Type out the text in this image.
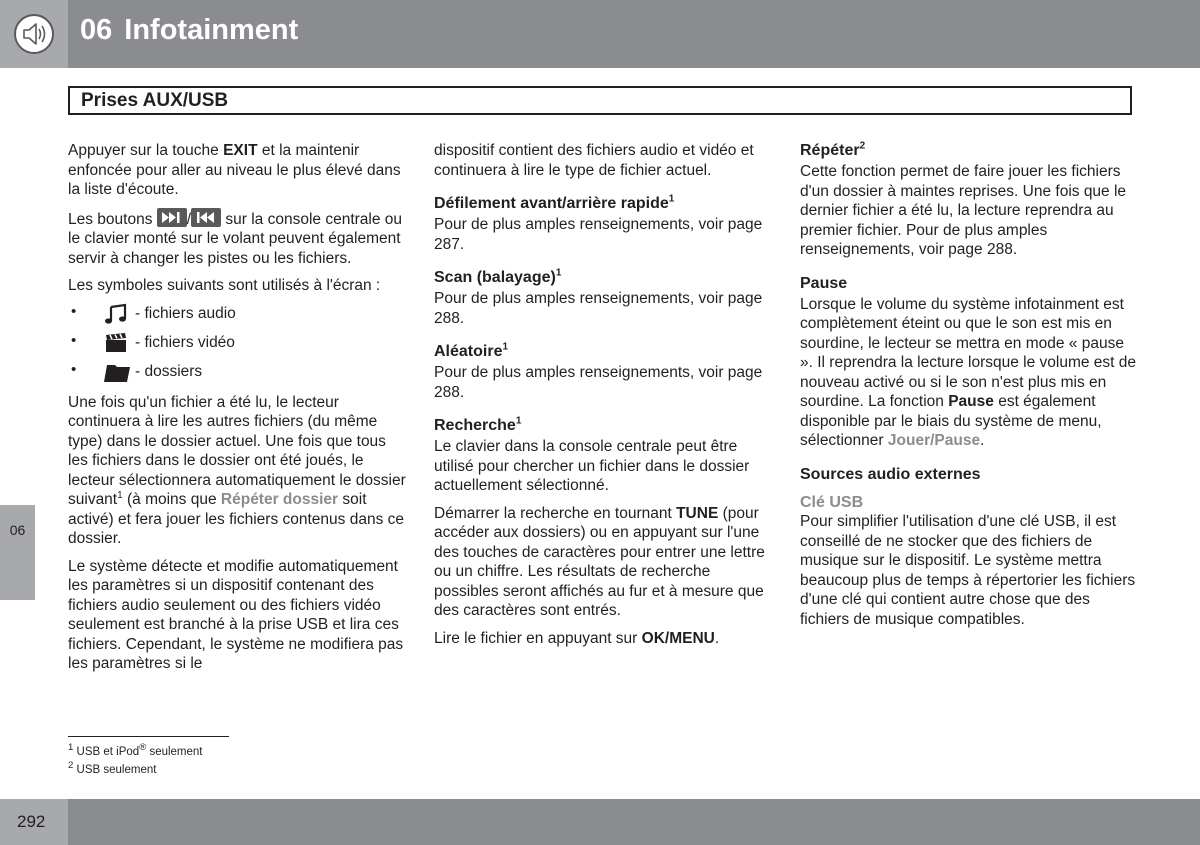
06 Infotainment
Prises AUX/USB
06

Appuyer sur la touche EXIT et la maintenir enfoncée pour aller au niveau le plus élevé dans la liste d'écoute.

Les boutons
/
sur la console centrale ou le clavier monté sur le volant peuvent également servir à changer les pistes ou les fichiers.

Les symboles suivants sont utilisés à l'écran :

•	- fichiers audio
•	- fichiers vidéo
•	- dossiers

Une fois qu'un fichier a été lu, le lecteur continuera à lire les autres fichiers (du même type) dans le dossier actuel. Une fois que tous les fichiers dans le dossier ont été joués, le lecteur sélectionnera automatiquement le dossier suivant$^1$ (à moins que Répéter dossier soit activé) et fera jouer les fichiers contenus dans ce dossier.

Le système détecte et modifie automatiquement les paramètres si un dispositif contenant des fichiers audio seulement ou des fichiers vidéo seulement est branché à la prise USB et lira ces fichiers. Cependant, le système ne modifiera pas les paramètres si le

dispositif contient des fichiers audio et vidéo et continuera à lire le type de fichier actuel.

Défilement avant/arrière rapide$^1$

Pour de plus amples renseignements, voir page 287.

Scan (balayage)$^1$

Pour de plus amples renseignements, voir page 288.

Aléatoire$^1$

Pour de plus amples renseignements, voir page 288.

Recherche$^1$

Le clavier dans la console centrale peut être utilisé pour chercher un fichier dans le dossier actuellement sélectionné.

Démarrer la recherche en tournant TUNE (pour accéder aux dossiers) ou en appuyant sur l'une des touches de caractères pour entrer une lettre ou un chiffre. Les résultats de recherche possibles seront affichés au fur et à mesure que des caractères sont entrés.

Lire le fichier en appuyant sur OK/MENU.

Répéter$^2$

Cette fonction permet de faire jouer les fichiers d'un dossier à maintes reprises. Une fois que le dernier fichier a été lu, la lecture reprendra au premier fichier. Pour de plus amples renseignements, voir page 288.

Pause

Lorsque le volume du système infotainment est complètement éteint ou que le son est mis en sourdine, le lecteur se mettra en mode « pause ». Il reprendra la lecture lorsque le volume est de nouveau activé ou si le son n'est plus mis en sourdine. La fonction Pause est également disponible par le biais du système de menu, sélectionner Jouer/Pause.

Sources audio externes
Clé USB

Pour simplifier l'utilisation d'une clé USB, il est conseillé de ne stocker que des fichiers de musique sur le dispositif. Le système mettra beaucoup plus de temps à répertorier les fichiers d'une clé qui contient autre chose que des fichiers de musique compatibles.

$^1$ USB et iPod® seulement
$^2$ USB seulement
292
